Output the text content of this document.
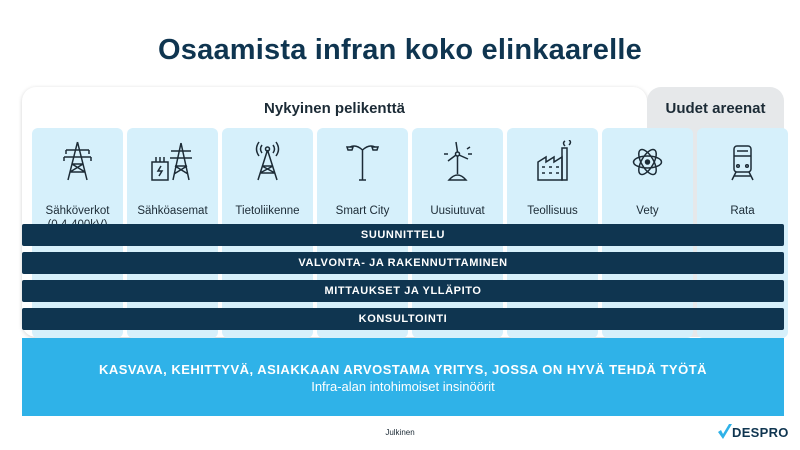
Osaamista infran koko elinkaarelle
Nykyinen pelikenttä	Uudet areenat
Sähköverkot	Sähköasemat	Tietoliikenne	Smart City	Uusiutuvat	Teollisuus	Vety	Rata
SUUNNITTELU
VALVONTA- JA RAKENNUTTAMINEN
MITTAUKSET JA YLLÄPITO
KONSULTOINTI
KASVAVA, KEHITTYVÄ, ASIAKKAAN ARVOSTAMA YRITYS, JOSSA ON HYVÄ TEHDÄ TYÖTÄ
Infra-alan intohimoiset insinöörit
Julkinen	DESPRO
